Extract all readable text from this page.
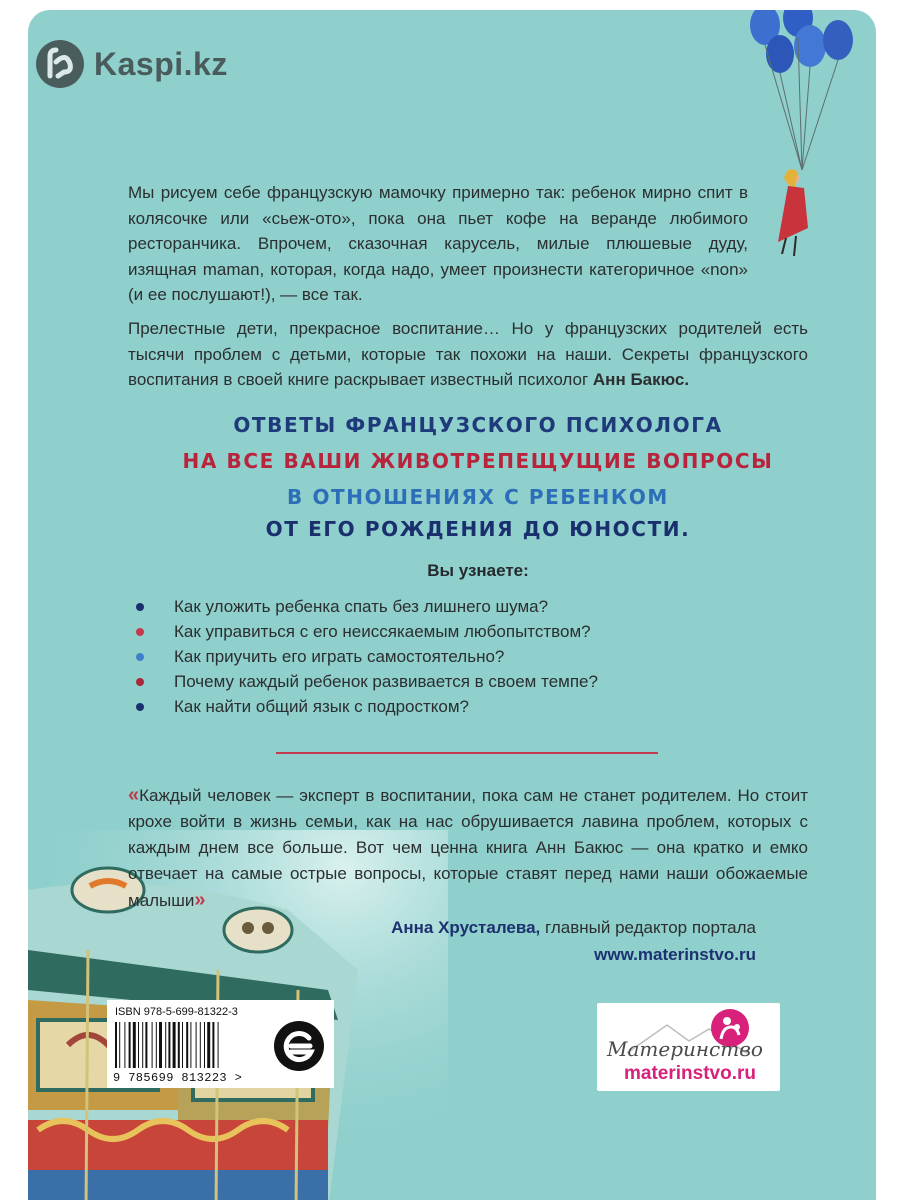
Мы рисуем себе французскую мамочку примерно так: ребенок мирно спит в колясочке или «сьеж-ото», пока она пьет кофе на веранде любимого ресторанчика. Впрочем, сказочная карусель, милые плюшевые дуду, изящная maman, которая, когда надо, умеет произнести категоричное «non» (и ее послушают!), — все так.
Прелестные дети, прекрасное воспитание… Но у французских родителей есть тысячи проблем с детьми, которые так похожи на наши. Секреты французского воспитания в своей книге раскрывает известный психолог Анн Бакюс.
ОТВЕТЫ ФРАНЦУЗСКОГО ПСИХОЛОГА
НА ВСЕ ВАШИ ЖИВОТРЕПЕЩУЩИЕ ВОПРОСЫ
В ОТНОШЕНИЯХ С РЕБЕНКОМ
ОТ ЕГО РОЖДЕНИЯ ДО ЮНОСТИ.
Вы узнаете:
Как уложить ребенка спать без лишнего шума?
Как управиться с его неиссякаемым любопытством?
Как приучить его играть самостоятельно?
Почему каждый ребенок развивается в своем темпе?
Как найти общий язык с подростком?
«Каждый человек — эксперт в воспитании, пока сам не станет родителем. Но стоит крохе войти в жизнь семьи, как на нас обрушивается лавина проблем, которых с каждым днем все больше. Вот чем ценна книга Анн Бакюс — она кратко и емко отвечает на самые острые вопросы, которые ставят перед нами наши обожаемые малыши»
Анна Хрусталева, главный редактор портала
www.materinstvo.ru
ISBN 978-5-699-81322-3
9 785699 813223 >
Материнство
materinstvo.ru
Kaspi.kz
